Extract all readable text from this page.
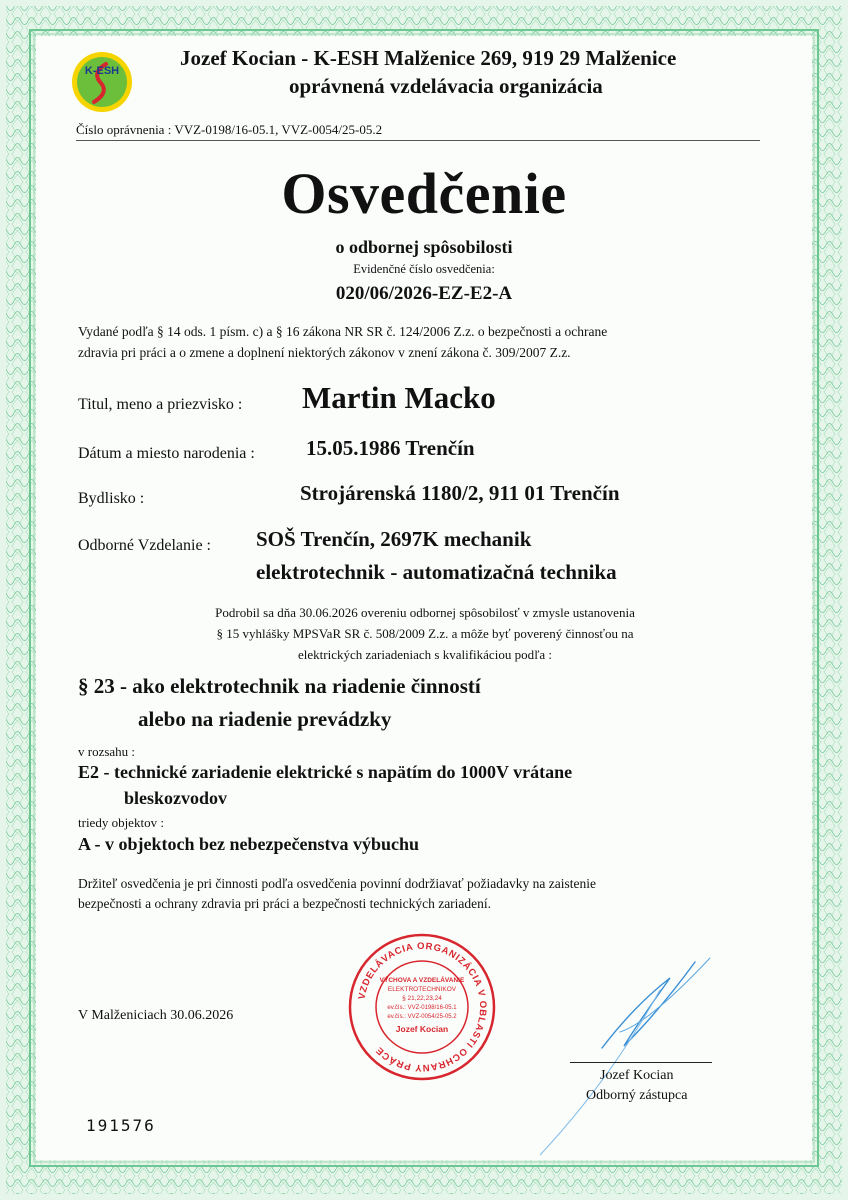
K-ESH
Jozef Kocian - K-ESH Malženice 269, 919 29 Malženice
oprávnená vzdelávacia organizácia
Číslo oprávnenia : VVZ-0198/16-05.1, VVZ-0054/25-05.2
Osvedčenie
o odbornej spôsobilosti
Evidenčné číslo osvedčenia:
020/06/2026-EZ-E2-A
Vydané podľa § 14 ods. 1 písm. c) a § 16 zákona NR SR č. 124/2006 Z.z. o bezpečnosti a ochrane
zdravia pri práci a o zmene a doplnení niektorých zákonov v znení zákona č. 309/2007 Z.z.
Titul, meno a priezvisko : Martin Macko
Dátum a miesto narodenia : 15.05.1986 Trenčín
Bydlisko :	Strojárenská 1180/2, 911 01 Trenčín
Odborné Vzdelanie : SOŠ Trenčín, 2697K mechanik
elektrotechnik - automatizačná technika
Podrobil sa dňa 30.06.2026 overeniu odbornej spôsobilosť v zmysle ustanovenia
§ 15 vyhlášky MPSVaR SR č. 508/2009 Z.z. a môže byť poverený činnosťou na
elektrických zariadeniach s kvalifikáciou podľa :
§ 23 - ako elektrotechnik na riadenie činností
alebo na riadenie prevádzky
v rozsahu :
E2 - technické zariadenie elektrické s napätím do 1000V vrátane
bleskozvodov
triedy objektov :
A - v objektoch bez nebezpečenstva výbuchu
Držiteľ osvedčenia je pri činnosti podľa osvedčenia povinní dodržiavať požiadavky na zaistenie
bezpečnosti a ochrany zdravia pri práci a bezpečnosti technických zariadení.
V Malženiciach 30.06.2026
VZDELÁVACIA ORGANIZÁCIA V OBLASTI OCHRANY PRÁCE
VÝCHOVA A VZDELÁVANIE
ELEKTROTECHNIKOV
§ 21,22,23,24
ev.čís.: VVZ-0198/16-05.1
ev.čís.: VVZ-0054/25-05.2
Jozef Kocian
Jozef Kocian
Odborný zástupca
191576
